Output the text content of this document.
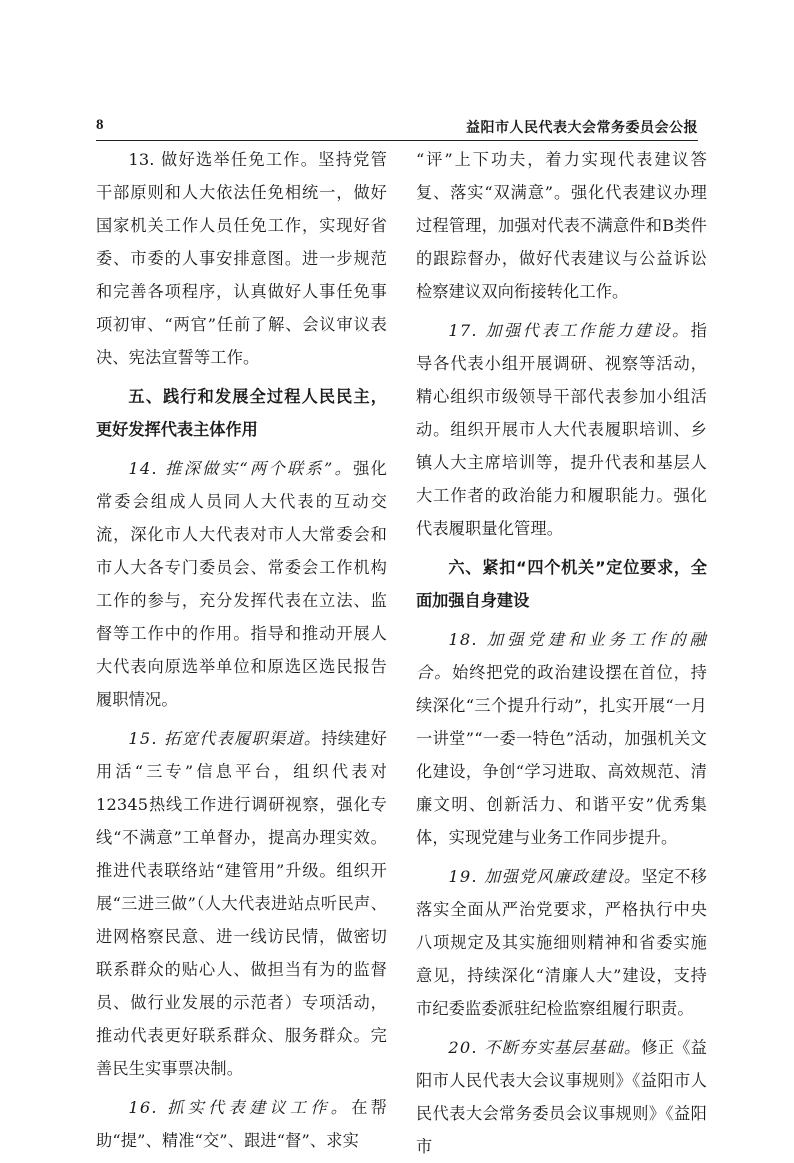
8	益阳市人民代表大会常务委员会公报

13. 做好选举任免工作。坚持党管干部原则和人大依法任免相统一，做好国家机关工作人员任免工作，实现好省委、市委的人事安排意图。进一步规范和完善各项程序，认真做好人事任免事项初审、“两官”任前了解、会议审议表决、宪法宣誓等工作。

五、践行和发展全过程人民民主，更好发挥代表主体作用

14. 推深做实“两个联系”。强化常委会组成人员同人大代表的互动交流，深化市人大代表对市人大常委会和市人大各专门委员会、常委会工作机构工作的参与，充分发挥代表在立法、监督等工作中的作用。指导和推动开展人大代表向原选举单位和原选区选民报告履职情况。

15. 拓宽代表履职渠道。持续建好用活“三专”信息平台，组织代表对12345热线工作进行调研视察，强化专线“不满意”工单督办，提高办理实效。推进代表联络站“建管用”升级。组织开展“三进三做”（人大代表进站点听民声、进网格察民意、进一线访民情，做密切联系群众的贴心人、做担当有为的监督员、做行业发展的示范者）专项活动，推动代表更好联系群众、服务群众。完善民生实事票决制。

16. 抓实代表建议工作。在帮助“提”、精准“交”、跟进“督”、求实

“评”上下功夫，着力实现代表建议答复、落实“双满意”。强化代表建议办理过程管理，加强对代表不满意件和B类件的跟踪督办，做好代表建议与公益诉讼检察建议双向衔接转化工作。

17. 加强代表工作能力建设。指导各代表小组开展调研、视察等活动，精心组织市级领导干部代表参加小组活动。组织开展市人大代表履职培训、乡镇人大主席培训等，提升代表和基层人大工作者的政治能力和履职能力。强化代表履职量化管理。

六、紧扣“四个机关”定位要求，全面加强自身建设

18. 加强党建和业务工作的融合。始终把党的政治建设摆在首位，持续深化“三个提升行动”，扎实开展“一月一讲堂”“一委一特色”活动，加强机关文化建设，争创“学习进取、高效规范、清廉文明、创新活力、和谐平安”优秀集体，实现党建与业务工作同步提升。

19. 加强党风廉政建设。坚定不移落实全面从严治党要求，严格执行中央八项规定及其实施细则精神和省委实施意见，持续深化“清廉人大”建设，支持市纪委监委派驻纪检监察组履行职责。

20. 不断夯实基层基础。修正《益阳市人民代表大会议事规则》《益阳市人民代表大会常务委员会议事规则》《益阳市
